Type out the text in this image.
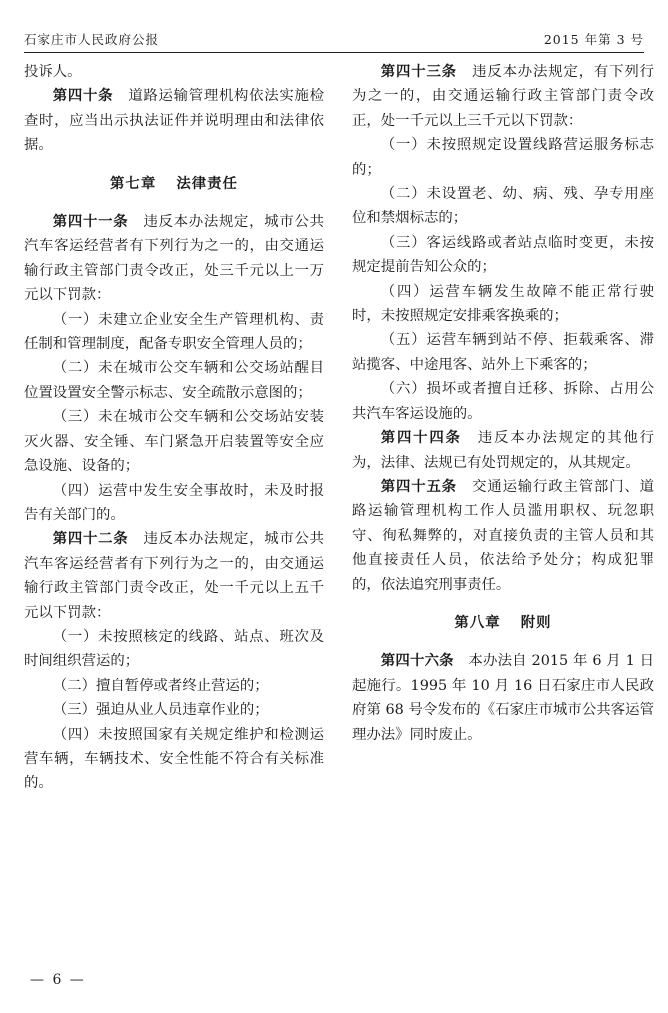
石家庄市人民政府公报	2015 年第 3 号

投诉人。

第四十条　 道路运输管理机构依法实施检查时，应当出示执法证件并说明理由和法律依据。

第七章 法律责任

第四十一条　 违反本办法规定，城市公共汽车客运经营者有下列行为之一的，由交通运输行政主管部门责令改正，处三千元以上一万元以下罚款：

（一）未建立企业安全生产管理机构、责任制和管理制度，配备专职安全管理人员的；

（二）未在城市公交车辆和公交场站醒目位置设置安全警示标志、安全疏散示意图的；

（三）未在城市公交车辆和公交场站安装灭火器、安全锤、车门紧急开启装置等安全应急设施、设备的；

（四）运营中发生安全事故时，未及时报告有关部门的。

第四十二条　 违反本办法规定，城市公共汽车客运经营者有下列行为之一的，由交通运输行政主管部门责令改正，处一千元以上五千元以下罚款：

（一）未按照核定的线路、站点、班次及时间组织营运的；

（二）擅自暂停或者终止营运的；

（三）强迫从业人员违章作业的；

（四）未按照国家有关规定维护和检测运营车辆，车辆技术、安全性能不符合有关标准的。

第四十三条　 违反本办法规定，有下列行为之一的，由交通运输行政主管部门责令改正，处一千元以上三千元以下罚款：

（一）未按照规定设置线路营运服务标志的；

（二）未设置老、幼、病、残、孕专用座位和禁烟标志的；

（三）客运线路或者站点临时变更，未按规定提前告知公众的；

（四）运营车辆发生故障不能正常行驶时，未按照规定安排乘客换乘的；

（五）运营车辆到站不停、拒载乘客、滞站揽客、中途甩客、站外上下乘客的；

（六）损坏或者擅自迁移、拆除、占用公共汽车客运设施的。

第四十四条　 违反本办法规定的其他行为，法律、法规已有处罚规定的，从其规定。

第四十五条　 交通运输行政主管部门、道路运输管理机构工作人员滥用职权、玩忽职守、徇私舞弊的，对直接负责的主管人员和其他直接责任人员，依法给予处分；构成犯罪的，依法追究刑事责任。

第八章 附则

第四十六条　 本办法自 2015 年 6 月 1 日起施行。1995 年 10 月 16 日石家庄市人民政府第 68 号令发布的《石家庄市城市公共客运管理办法》同时废止。

— 6 —
